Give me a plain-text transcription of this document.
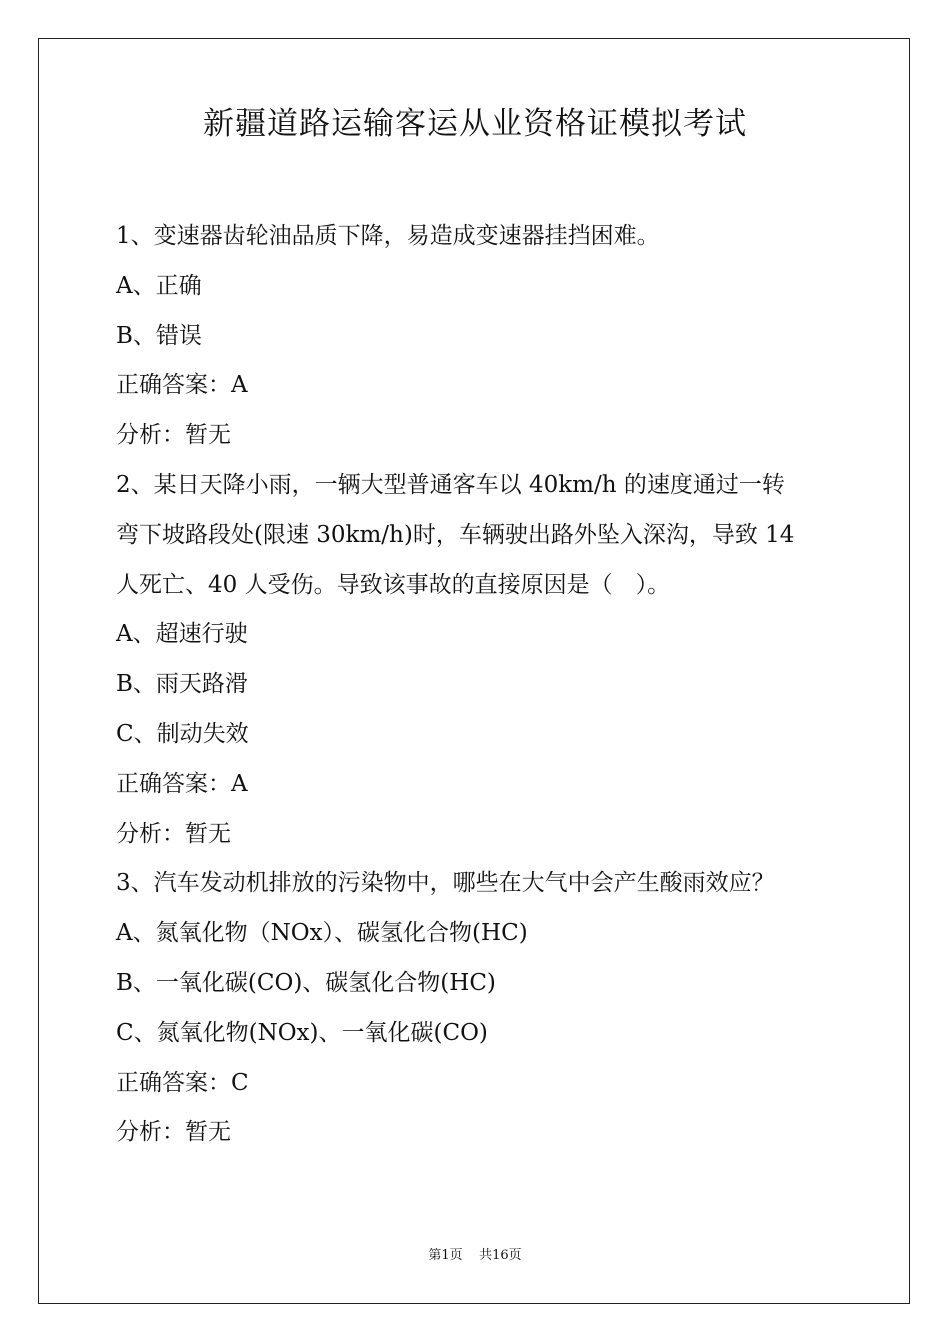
新疆道路运输客运从业资格证模拟考试
1、变速器齿轮油品质下降，易造成变速器挂挡困难。
A、正确
B、错误
正确答案：A
分析：暂无
2、某日天降小雨，一辆大型普通客车以 40km/h 的速度通过一转
弯下坡路段处(限速 30km/h)时，车辆驶出路外坠入深沟，导致 14
人死亡、40 人受伤。导致该事故的直接原因是（　）。
A、超速行驶
B、雨天路滑
C、制动失效
正确答案：A
分析：暂无
3、汽车发动机排放的污染物中，哪些在大气中会产生酸雨效应？
A、氮氧化物（NOx）、碳氢化合物(HC)
B、一氧化碳(CO)、碳氢化合物(HC)
C、氮氧化物(NOx)、一氧化碳(CO)
正确答案：C
分析：暂无
第1页    共16页
